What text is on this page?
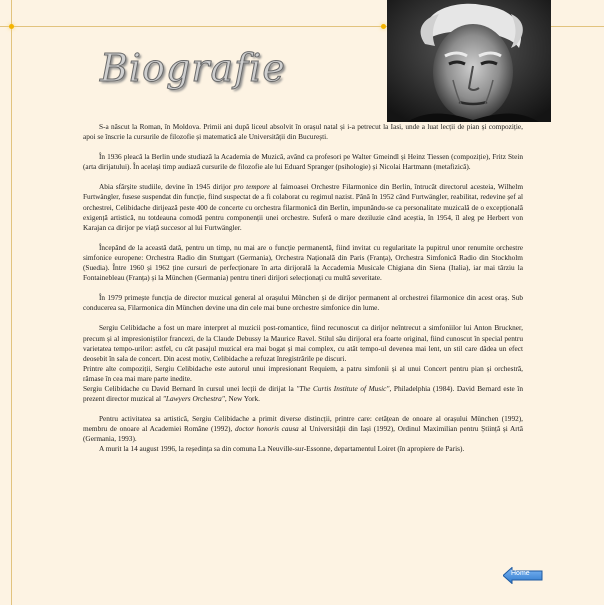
Biografie

S-a născut la Roman, în Moldova. Primii ani după liceul absolvit în orașul natal și i-a petrecut la Iasi, unde a luat lecții de pian și compoziție, apoi se înscrie la cursurile de filozofie și matematică ale Universității din București.

În 1936 pleacă la Berlin unde studiază la Academia de Muzică, având ca profesori pe Walter Gmeindl și Heinz Tiessen (compoziție), Fritz Stein (arta dirijatului). În acelaşi timp audiază cursurile de filozofie ale lui Eduard Spranger (psihologie) și Nicolai Hartmann (metafizică).

Abia sfârșite studiile, devine în 1945 dirijor pro tempore al faimoasei Orchestre Filarmonice din Berlin, întrucât directorul acesteia, Wilhelm Furtwängler, fusese suspendat din funcție, fiind suspectat de a fi colaborat cu regimul nazist. Până în 1952 când Furtwängler, reabilitat, redevine șef al orchestrei, Celibidache dirijează peste 400 de concerte cu orchestra filarmonică din Berlin, impunându-se ca personalitate muzicală de o excepțională exigență artistică, nu totdeauna comodă pentru componenții unei orchestre. Suferă o mare deziluzie când aceștia, în 1954, îl aleg pe Herbert von Karajan ca dirijor pe viață succesor al lui Furtwängler.

Începând de la această dată, pentru un timp, nu mai are o funcție permanentă, fiind invitat cu regularitate la pupitrul unor renumite orchestre simfonice europene: Orchestra Radio din Stuttgart (Germania), Orchestra Națională din Paris (Franța), Orchestra Simfonică Radio din Stockholm (Suedia). Între 1960 și 1962 ține cursuri de perfecționare în arta dirijorală la Accademia Musicale Chigiana din Siena (Italia), iar mai târziu la Fontainebleau (Franța) și la München (Germania) pentru tineri dirijori selecționați cu multă severitate.

În 1979 primește funcția de director muzical general al orașului München și de dirijor permanent al orchestrei filarmonice din acest oraș. Sub conducerea sa, Filarmonica din München devine una din cele mai bune orchestre simfonice din lume.

Sergiu Celibidache a fost un mare interpret al muzicii post-romantice, fiind recunoscut ca dirijor neîntrecut a simfoniilor lui Anton Bruckner, precum și al impresioniștilor francezi, de la Claude Debussy la Maurice Ravel. Stilul său dirijoral era foarte original, fiind cunoscut în special pentru varietatea tempo-urilor: astfel, cu cât pasajul muzical era mai bogat și mai complex, cu atât tempo-ul devenea mai lent, un stil care dădea un efect deosebit în sala de concert. Din acest motiv, Celibidache a refuzat înregistrările pe discuri.

Printre alte compoziții, Sergiu Celibidache este autorul unui impresionant Requiem, a patru simfonii și al unui Concert pentru pian și orchestră, rămase în cea mai mare parte inedite.

Sergiu Celibidache cu David Bernard în cursul unei lecții de dirijat la "The Curtis Institute of Music", Philadelphia (1984). David Bernard este în prezent director muzical al "Lawyers Orchestra", New York.

Pentru activitatea sa artistică, Sergiu Celibidache a primit diverse distincții, printre care: cetățean de onoare al orașului München (1992), membru de onoare al Academiei Române (1992), doctor honoris causa al Universității din Iași (1992), Ordinul Maximilian pentru Știință și Artă (Germania, 1993).

A murit la 14 august 1996, la reședința sa din comuna La Neuville-sur-Essonne, departamentul Loiret (în apropiere de Paris).

Home
